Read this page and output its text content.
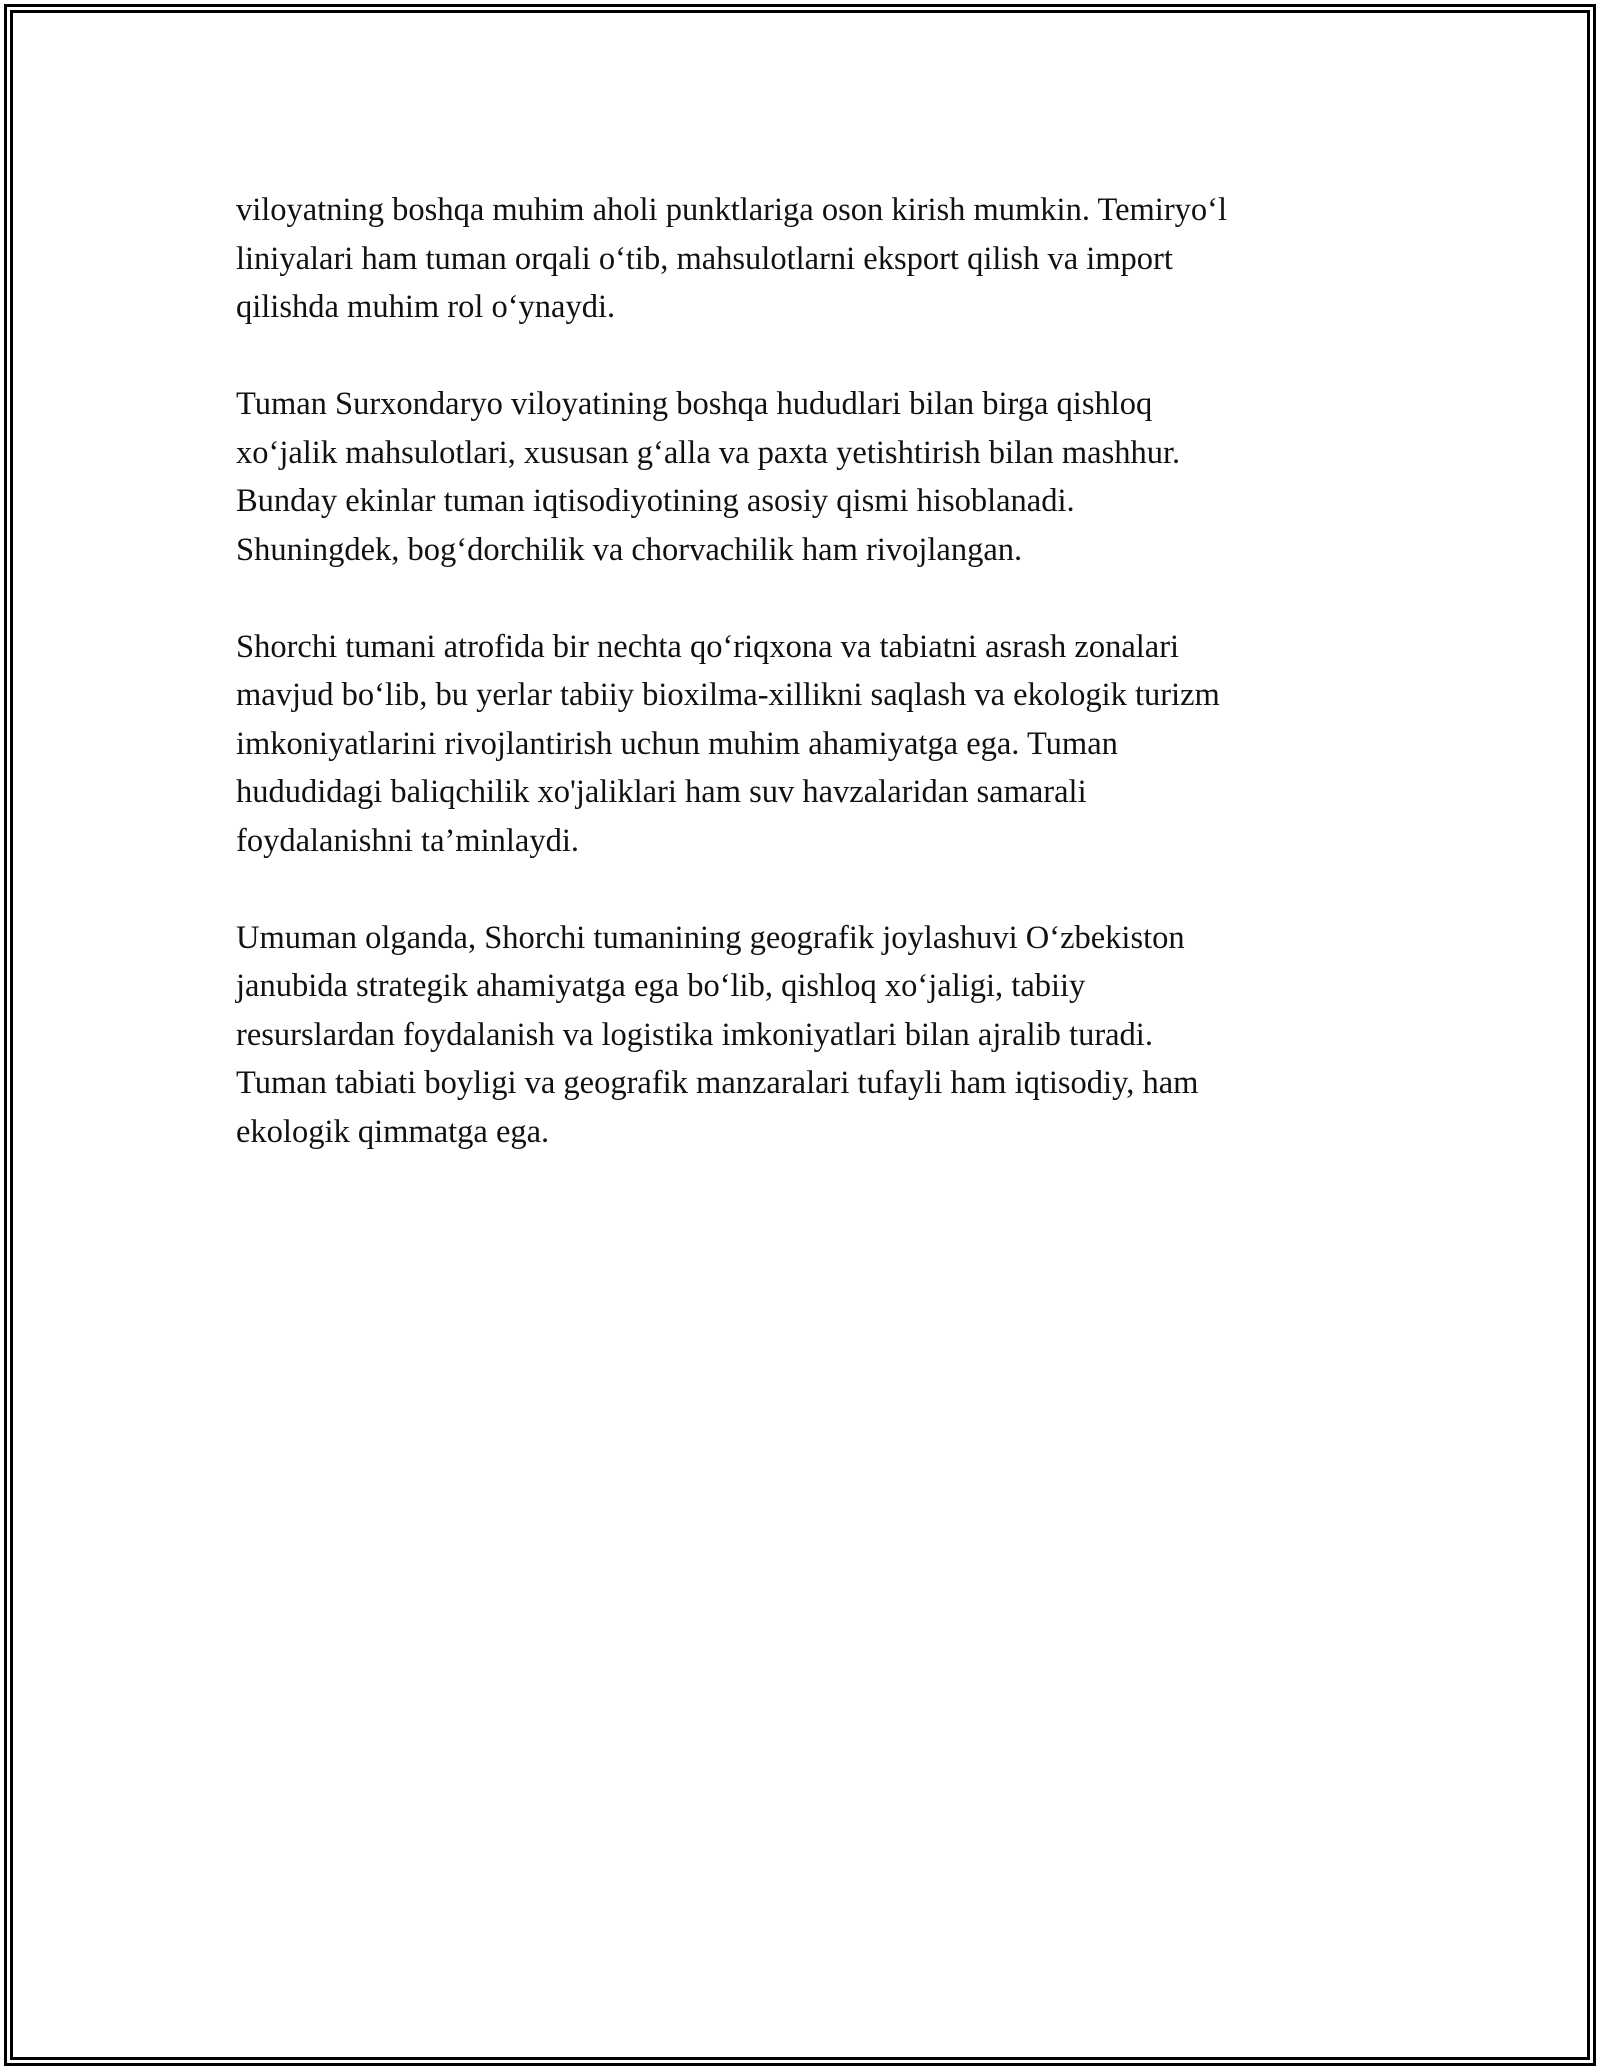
viloyatning boshqa muhim aholi punktlariga oson kirish mumkin. Temiryo‘l
liniyalari ham tuman orqali o‘tib, mahsulotlarni eksport qilish va import
qilishda muhim rol o‘ynaydi.

Tuman Surxondaryo viloyatining boshqa hududlari bilan birga qishloq
xo‘jalik mahsulotlari, xususan g‘alla va paxta yetishtirish bilan mashhur.
Bunday ekinlar tuman iqtisodiyotining asosiy qismi hisoblanadi.
Shuningdek, bog‘dorchilik va chorvachilik ham rivojlangan.

Shorchi tumani atrofida bir nechta qo‘riqxona va tabiatni asrash zonalari
mavjud bo‘lib, bu yerlar tabiiy bioxilma-xillikni saqlash va ekologik turizm
imkoniyatlarini rivojlantirish uchun muhim ahamiyatga ega. Tuman
hududidagi baliqchilik xo'jaliklari ham suv havzalaridan samarali
foydalanishni ta’minlaydi.

Umuman olganda, Shorchi tumanining geografik joylashuvi O‘zbekiston
janubida strategik ahamiyatga ega bo‘lib, qishloq xo‘jaligi, tabiiy
resurslardan foydalanish va logistika imkoniyatlari bilan ajralib turadi.
Tuman tabiati boyligi va geografik manzaralari tufayli ham iqtisodiy, ham
ekologik qimmatga ega.
